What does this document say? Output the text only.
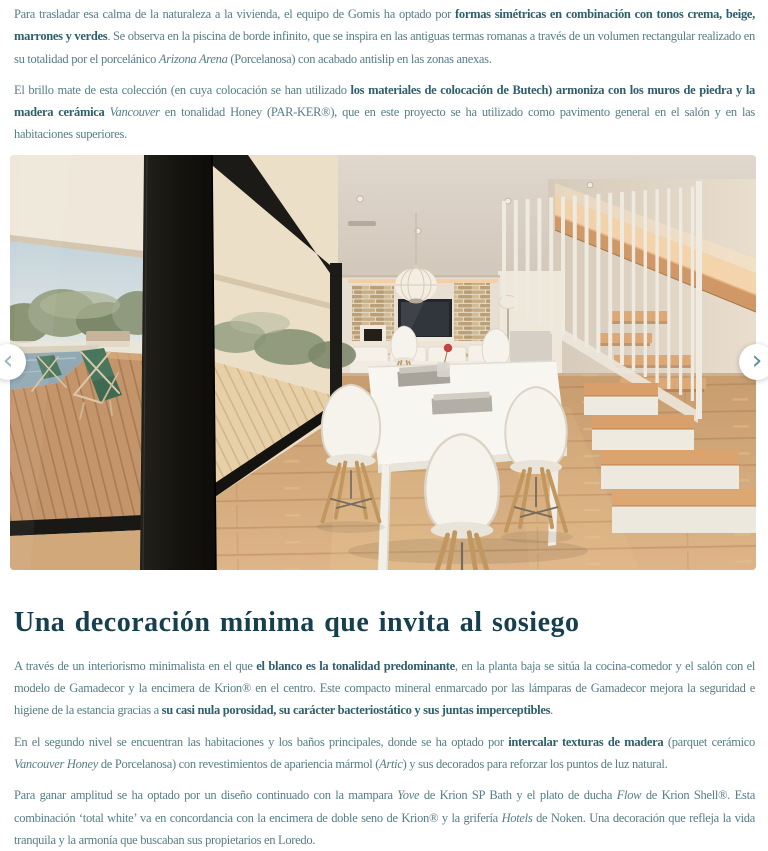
Para trasladar esa calma de la naturaleza a la vivienda, el equipo de Gomis ha optado por formas simétricas en combinación con tonos crema, beige, marrones y verdes. Se observa en la piscina de borde infinito, que se inspira en las antiguas termas romanas a través de un volumen rectangular realizado en su totalidad por el porcelánico Arizona Arena (Porcelanosa) con acabado antislip en las zonas anexas.

El brillo mate de esta colección (en cuya colocación se han utilizado los materiales de colocación de Butech) armoniza con los muros de piedra y la madera cerámica Vancouver en tonalidad Honey (PAR-KER®), que en este proyecto se ha utilizado como pavimento general en el salón y en las habitaciones superiores.

‹	›
Una decoración mínima que invita al sosiego

A través de un interiorismo minimalista en el que el blanco es la tonalidad predominante, en la planta baja se sitúa la cocina-comedor y el salón con el modelo de Gamadecor y la encimera de Krion® en el centro. Este compacto mineral enmarcado por las lámparas de Gamadecor mejora la seguridad e higiene de la estancia gracias a su casi nula porosidad, su carácter bacteriostático y sus juntas imperceptibles.

En el segundo nivel se encuentran las habitaciones y los baños principales, donde se ha optado por intercalar texturas de madera (parquet cerámico Vancouver Honey de Porcelanosa) con revestimientos de apariencia mármol (Artic) y sus decorados para reforzar los puntos de luz natural.

Para ganar amplitud se ha optado por un diseño continuado con la mampara Yove de Krion SP Bath y el plato de ducha Flow de Krion Shell®. Esta combinación ‘total white’ va en concordancia con la encimera de doble seno de Krion® y la grifería Hotels de Noken. Una decoración que refleja la vida tranquila y la armonía que buscaban sus propietarios en Loredo.
